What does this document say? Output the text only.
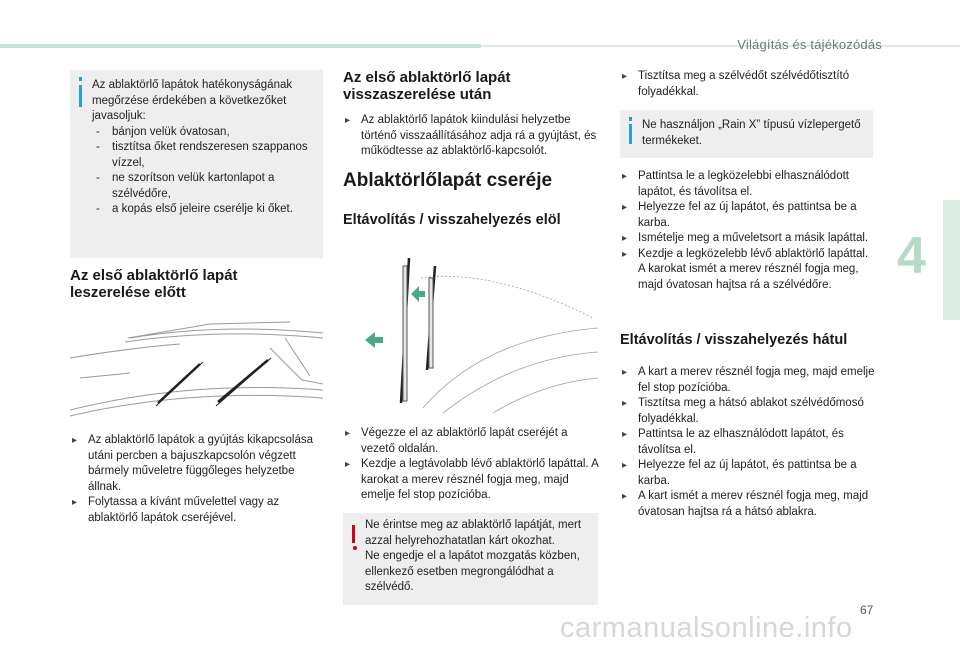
Világítás és tájékozódás
4
Az ablaktörlő lapátok hatékonyságának megőrzése érdekében a következőket javasoljuk:
- bánjon velük óvatosan,
- tisztítsa őket rendszeresen szappanos vízzel,
- ne szorítson velük kartonlapot a szélvédőre,
- a kopás első jeleire cserélje ki őket.
Az első ablaktörlő lapát leszerelése előtt
▸ Az ablaktörlő lapátok a gyújtás kikapcsolása utáni percben a bajuszkapcsolón végzett bármely műveletre függőleges helyzetbe állnak.
▸ Folytassa a kívánt művelettel vagy az ablaktörlő lapátok cseréjével.
Az első ablaktörlő lapát visszaszerelése után
▸ Az ablaktörlő lapátok kiindulási helyzetbe történő visszaállításához adja rá a gyújtást, és működtesse az ablaktörlő-kapcsolót.
Ablaktörlőlapát cseréje
Eltávolítás / visszahelyezés elöl
▸ Végezze el az ablaktörlő lapát cseréjét a vezető oldalán.
▸ Kezdje a legtávolabb lévő ablaktörlő lapáttal. A karokat a merev résznél fogja meg, majd emelje fel stop pozícióba.
Ne érintse meg az ablaktörlő lapátját, mert azzal helyrehozhatatlan kárt okozhat.
Ne engedje el a lapátot mozgatás közben, ellenkező esetben megrongálódhat a szélvédő.
▸ Tisztítsa meg a szélvédőt szélvédőtisztító folyadékkal.
Ne használjon „Rain X” típusú vízlepergető termékeket.
▸ Pattintsa le a legközelebbi elhasználódott lapátot, és távolítsa el.
▸ Helyezze fel az új lapátot, és pattintsa be a karba.
▸ Ismételje meg a műveletsort a másik lapáttal.
▸ Kezdje a legközelebb lévő ablaktörlő lapáttal. A karokat ismét a merev résznél fogja meg, majd óvatosan hajtsa rá a szélvédőre.
Eltávolítás / visszahelyezés hátul
▸ A kart a merev résznél fogja meg, majd emelje fel stop pozícióba.
▸ Tisztítsa meg a hátsó ablakot szélvédőmosó folyadékkal.
▸ Pattintsa le az elhasználódott lapátot, és távolítsa el.
▸ Helyezze fel az új lapátot, és pattintsa be a karba.
▸ A kart ismét a merev résznél fogja meg, majd óvatosan hajtsa rá a hátsó ablakra.
67
carmanualsonline.info
